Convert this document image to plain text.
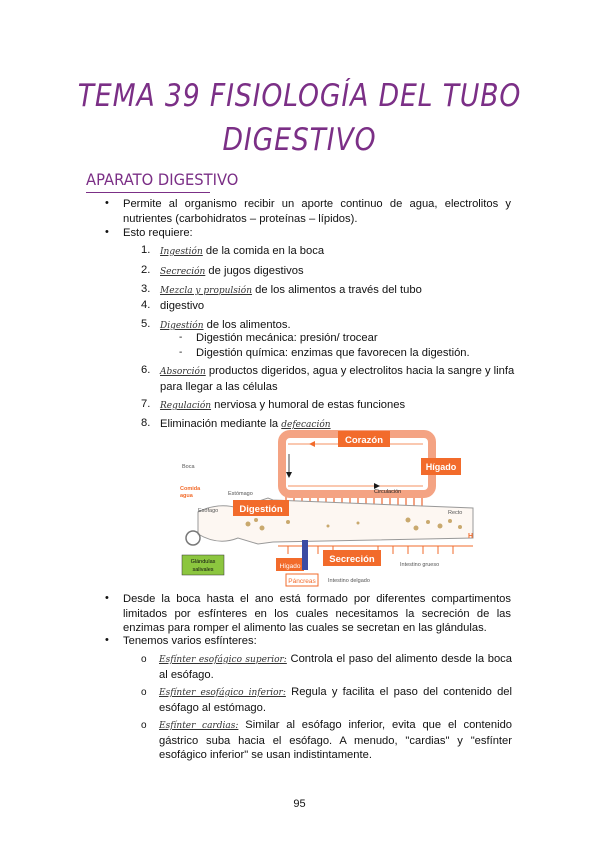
TEMA 39 FISIOLOGÍA DEL TUBO
DIGESTIVO
APARATO DIGESTIVO
• Permite al organismo recibir un aporte continuo de agua, electrolitos y nutrientes (carbohidratos – proteínas – lípidos).
• Esto requiere:
1. Ingestión de la comida en la boca
2. Secreción de jugos digestivos
3. Mezcla y propulsión de los alimentos a través del tubo
4. digestivo
5. Digestión de los alimentos.
- Digestión mecánica: presión/ trocear
- Digestión química: enzimas que favorecen la digestión.
6. Absorción productos digeridos, agua y electrolitos hacia la sangre y linfa para llegar a las células
7. Regulación nerviosa y humoral de estas funciones
8. Eliminación mediante la defecación
Corazón
Hígado
Circulación
Boca
Comida
agua	Estómago
Esófago Digestión	Recto
H
Glándulas
salivales	Hígado
Páncreas
Secreción
Intestino delgado
Intestino grueso
• Desde la boca hasta el ano está formado por diferentes compartimentos limitados por esfínteres en los cuales necesitamos la secreción de las enzimas para romper el alimento las cuales se secretan en las glándulas.
• Tenemos varios esfínteres:
o Esfínter esofágico superior: Controla el paso del alimento desde la boca al esófago.
o Esfínter esofágico inferior: Regula y facilita el paso del contenido del esófago al estómago.
o Esfínter cardias: Similar al esófago inferior, evita que el contenido gástrico suba hacia el esófago. A menudo, "cardias" y "esfínter esofágico inferior" se usan indistintamente.
95
